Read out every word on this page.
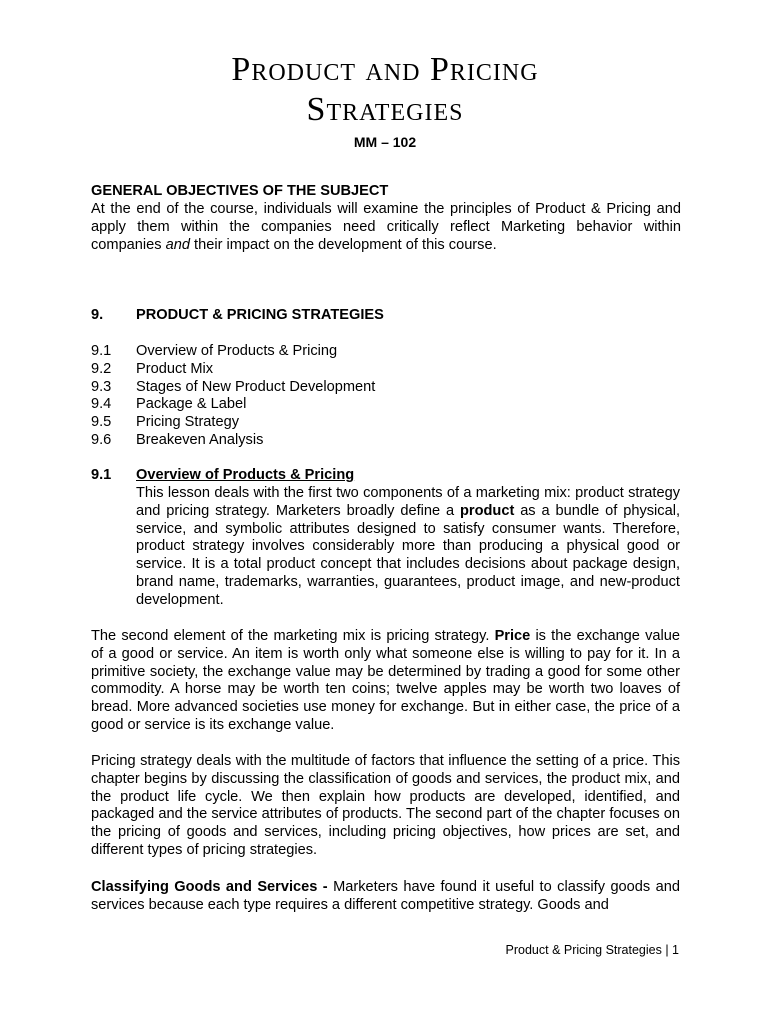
Product and Pricing
Strategies
MM – 102
GENERAL OBJECTIVES OF THE SUBJECT
At the end of the course, individuals will examine the principles of Product & Pricing and apply them within the companies need critically reflect Marketing behavior within companies and their impact on the development of this course.
9. PRODUCT & PRICING STRATEGIES
9.1	Overview of Products & Pricing
9.2	Product Mix
9.3	Stages of New Product Development
9.4	Package & Label
9.5	Pricing Strategy
9.6	Breakeven Analysis
9.1 Overview of Products & Pricing
This lesson deals with the first two components of a marketing mix: product strategy and pricing strategy. Marketers broadly define a product as a bundle of physical, service, and symbolic attributes designed to satisfy consumer wants. Therefore, product strategy involves considerably more than producing a physical good or service. It is a total product concept that includes decisions about package design, brand name, trademarks, warranties, guarantees, product image, and new-product development.
The second element of the marketing mix is pricing strategy. Price is the exchange value of a good or service. An item is worth only what someone else is willing to pay for it. In a primitive society, the exchange value may be determined by trading a good for some other commodity. A horse may be worth ten coins; twelve apples may be worth two loaves of bread. More advanced societies use money for exchange. But in either case, the price of a good or service is its exchange value.
Pricing strategy deals with the multitude of factors that influence the setting of a price. This chapter begins by discussing the classification of goods and services, the product mix, and the product life cycle. We then explain how products are developed, identified, and packaged and the service attributes of products. The second part of the chapter focuses on the pricing of goods and services, including pricing objectives, how prices are set, and different types of pricing strategies.
Classifying Goods and Services - Marketers have found it useful to classify goods and services because each type requires a different competitive strategy. Goods and
Product & Pricing Strategies | 1
